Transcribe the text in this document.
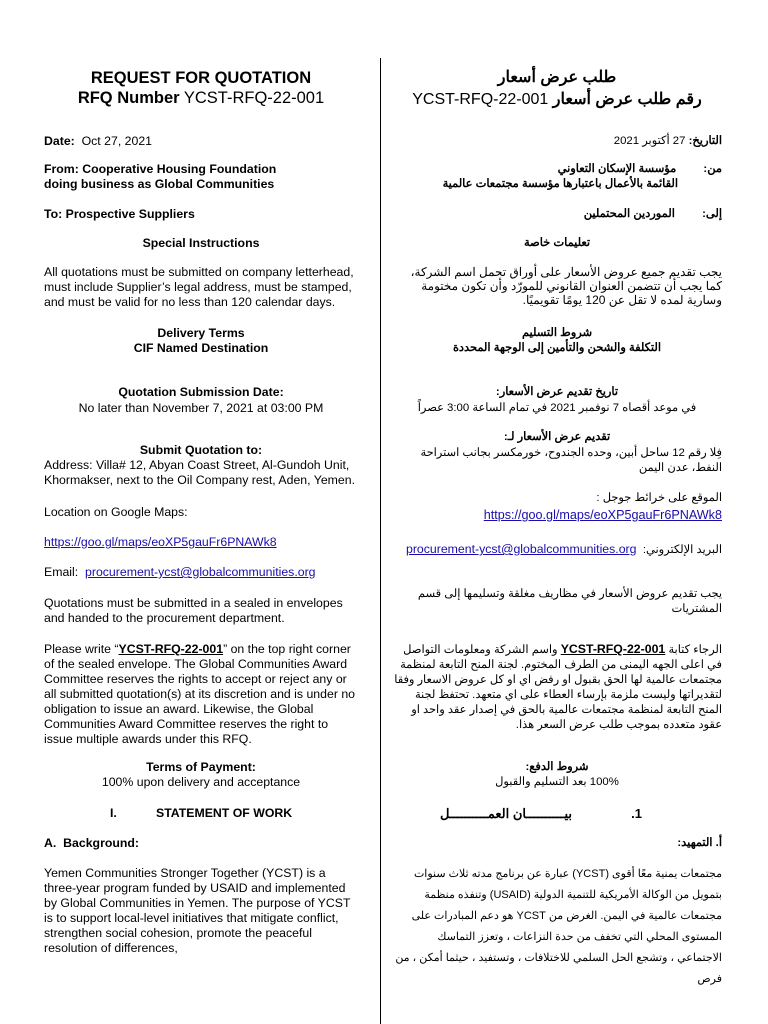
REQUEST FOR QUOTATION
RFQ Number YCST-RFQ-22-001
Date: Oct 27, 2021
From: Cooperative Housing Foundation
doing business as Global Communities
To: Prospective Suppliers
Special Instructions

All quotations must be submitted on company letterhead, must include Supplier’s legal address, must be stamped, and must be valid for no less than 120 calendar days.

Delivery Terms
CIF Named Destination
Quotation Submission Date:
No later than November 7, 2021 at 03:00 PM
Submit Quotation to:

Address: Villa# 12, Abyan Coast Street, Al-Gundoh Unit, Khormakser, next to the Oil Company rest, Aden, Yemen.

Location on Google Maps:
https://goo.gl/maps/eoXP5gauFr6PNAWk8
Email: procurement-ycst@globalcommunities.org

Quotations must be submitted in a sealed in envelopes and handed to the procurement department.

Please write “YCST-RFQ-22-001” on the top right corner of the sealed envelope. The Global Communities Award Committee reserves the rights to accept or reject any or all submitted quotation(s) at its discretion and is under no obligation to issue an award. Likewise, the Global Communities Award Committee reserves the right to issue multiple awards under this RFQ.

Terms of Payment:
100% upon delivery and acceptance
I.	STATEMENT OF WORK
A. Background:

Yemen Communities Stronger Together (YCST) is a three-year program funded by USAID and implemented by Global Communities in Yemen. The purpose of YCST is to support local-level initiatives that mitigate conflict, strengthen social cohesion, promote the peaceful resolution of differences,

طلب عرض أسعار
رقم طلب عرض أسعار YCST-RFQ-22-001
التاريخ: 27 أكتوبر 2021
من: مؤسسة الإسكان التعاوني
القائمة بالأعمال باعتبارها مؤسسة مجتمعات عالمية
إلى: الموردين المحتملين
تعليمات خاصة

يجب تقديم جميع عروض الأسعار على أوراق تحمل اسم الشركة، كما يجب أن تتضمن العنوان القانوني للمورّد وأن تكون مختومة وسارية لمده لا تقل عن 120 يومًا تقويميًا.

شروط التسليم
التكلفة والشحن والتأمين إلى الوجهة المحددة
تاريخ تقديم عرض الأسعار:
في موعد أقصاه 7 نوفمبر 2021 في تمام الساعة 3:00 عصراً
تقديم عرض الأسعار لـ:

فِلا رقم 12 ساحل أبين، وحده الجندوح، خورمكسر بجانب استراحة النفط، عدن اليمن

الموقع على خرائط جوجل :
https://goo.gl/maps/eoXP5gauFr6PNAWk8
البريد الإلكتروني:  procurement-ycst@globalcommunities.org
يجب تقديم عروض الأسعار في مظاريف مغلقة وتسليمها إلى قسم المشتريات

الرجاء كتابة YCST-RFQ-22-001 واسم الشركة ومعلومات التواصل في اعلى الجهه اليمنى من الطرف المختوم. لجنة المنح التابعة لمنظمة مجتمعات عالمية لها الحق بقبول او رفض اي او كل عروض الاسعار وفقا لتقديراتها وليست ملزمة بإرساء العطاء على اي متعهد. تحتفظ لجنة المنح التابعة لمنظمة مجتمعات عالمية بالحق في إصدار عقد واحد او عقود متعدده بموجب طلب عرض السعر هذا.

شروط الدفع:
100% بعد التسليم والقبول
1.
بيــــــــــان العمــــــــــل
أ. التمهيد:

مجتمعات يمنية معًا أقوى (YCST) عبارة عن برنامج مدته ثلاث سنوات بتمويل من الوكالة الأمريكية للتنمية الدولية (USAID) وتنفذه منظمة مجتمعات عالمية في اليمن. الغرض من YCST هو دعم المبادرات على المستوى المحلي التي تخفف من حدة النزاعات ، وتعزز التماسك الاجتماعي ، وتشجع الحل السلمي للاختلافات ، وتستفيد ، حيثما أمكن ، من فرص
